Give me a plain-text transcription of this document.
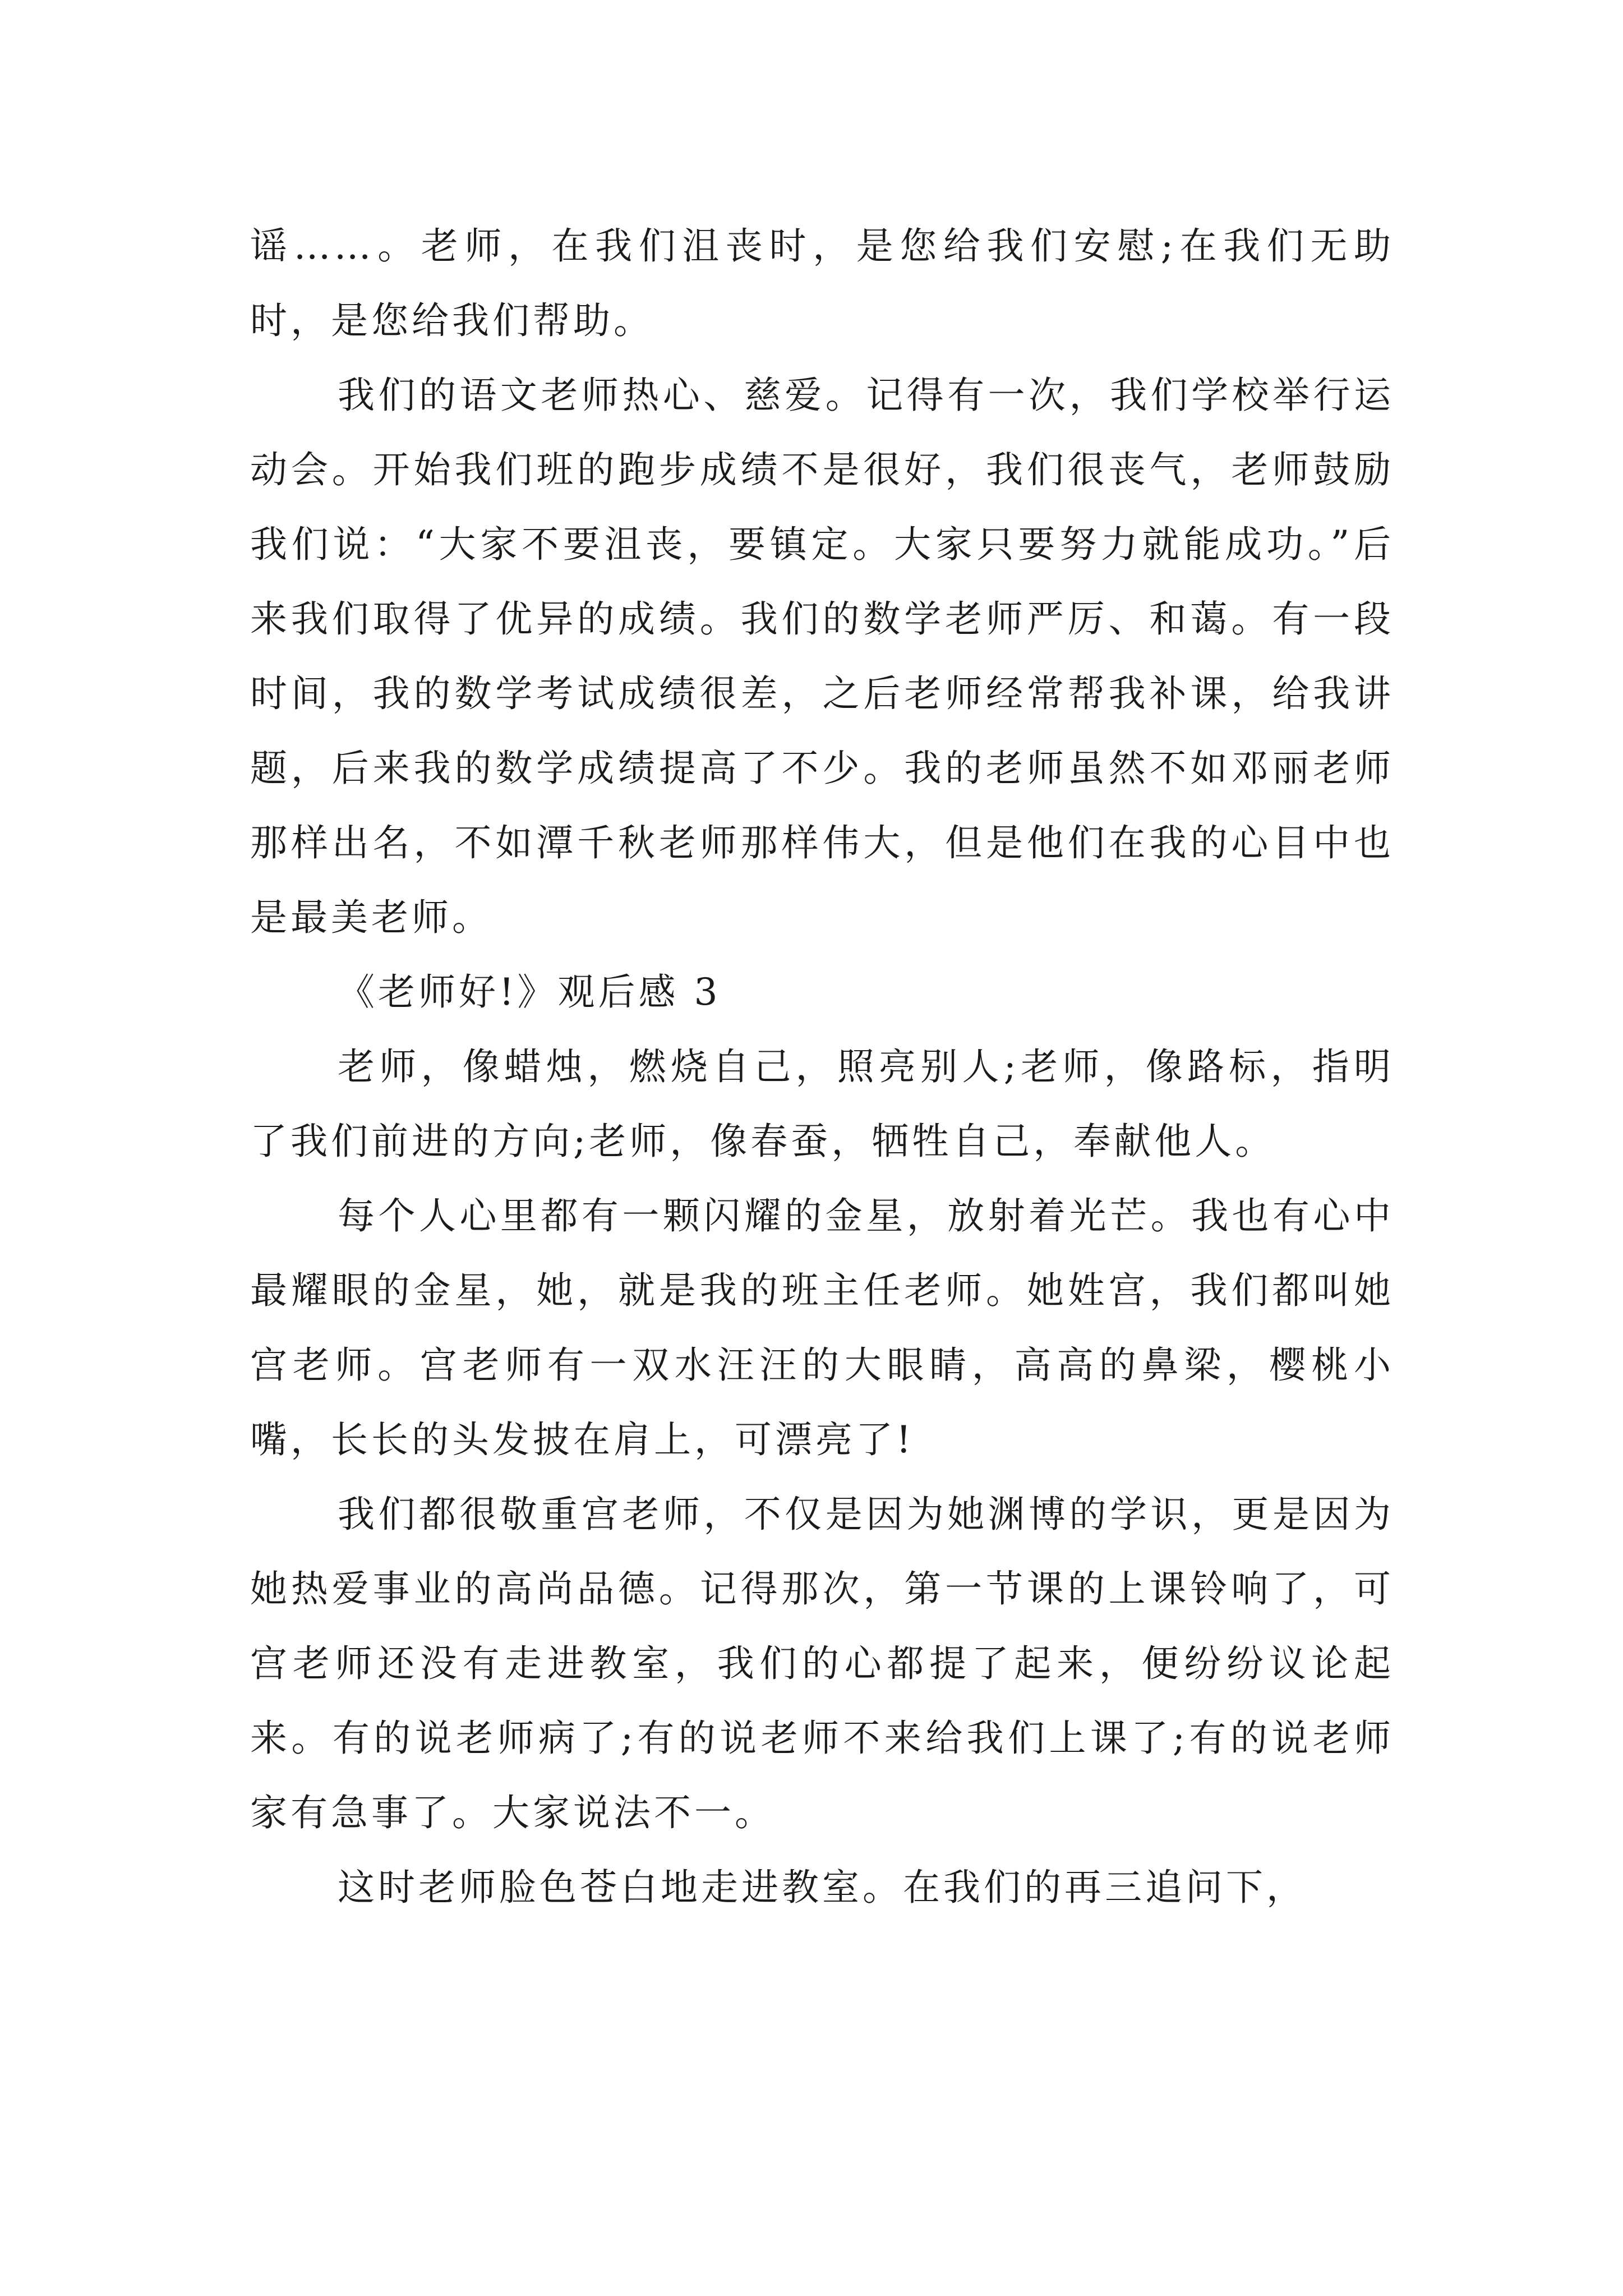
谣……。老师，在我们沮丧时，是您给我们安慰;在我们无助时，是您给我们帮助。

我们的语文老师热心、慈爱。记得有一次，我们学校举行运动会。开始我们班的跑步成绩不是很好，我们很丧气，老师鼓励我们说：“大家不要沮丧，要镇定。大家只要努力就能成功。”后来我们取得了优异的成绩。我们的数学老师严厉、和蔼。有一段时间，我的数学考试成绩很差，之后老师经常帮我补课，给我讲题，后来我的数学成绩提高了不少。我的老师虽然不如邓丽老师那样出名，不如潭千秋老师那样伟大，但是他们在我的心目中也是最美老师。

《老师好!》观后感 3

老师，像蜡烛，燃烧自己，照亮别人;老师，像路标，指明了我们前进的方向;老师，像春蚕，牺牲自己，奉献他人。

每个人心里都有一颗闪耀的金星，放射着光芒。我也有心中最耀眼的金星，她，就是我的班主任老师。她姓宫，我们都叫她宫老师。宫老师有一双水汪汪的大眼睛，高高的鼻梁，樱桃小嘴，长长的头发披在肩上，可漂亮了!

我们都很敬重宫老师，不仅是因为她渊博的学识，更是因为她热爱事业的高尚品德。记得那次，第一节课的上课铃响了，可宫老师还没有走进教室，我们的心都提了起来，便纷纷议论起来。有的说老师病了;有的说老师不来给我们上课了;有的说老师家有急事了。大家说法不一。

这时老师脸色苍白地走进教室。在我们的再三追问下，
